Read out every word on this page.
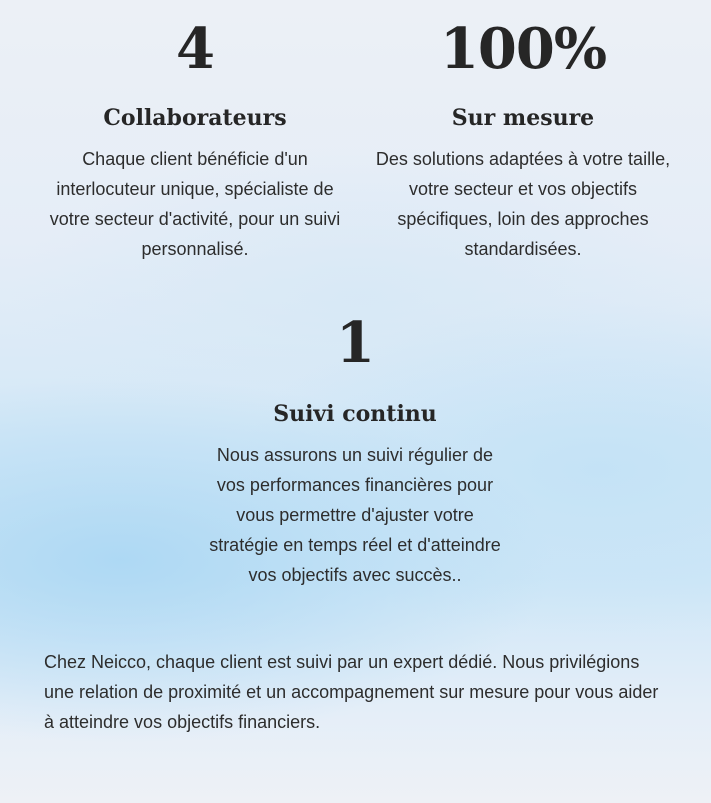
4
Collaborateurs

Chaque client bénéficie d'un interlocuteur unique, spécialiste de votre secteur d'activité, pour un suivi personnalisé.

100%
Sur mesure

Des solutions adaptées à votre taille, votre secteur et vos objectifs spécifiques, loin des approches standardisées.

1
Suivi continu

Nous assurons un suivi régulier de vos performances financières pour vous permettre d'ajuster votre stratégie en temps réel et d'atteindre vos objectifs avec succès..

Chez Neicco, chaque client est suivi par un expert dédié. Nous privilégions une relation de proximité et un accompagnement sur mesure pour vous aider à atteindre vos objectifs financiers.
